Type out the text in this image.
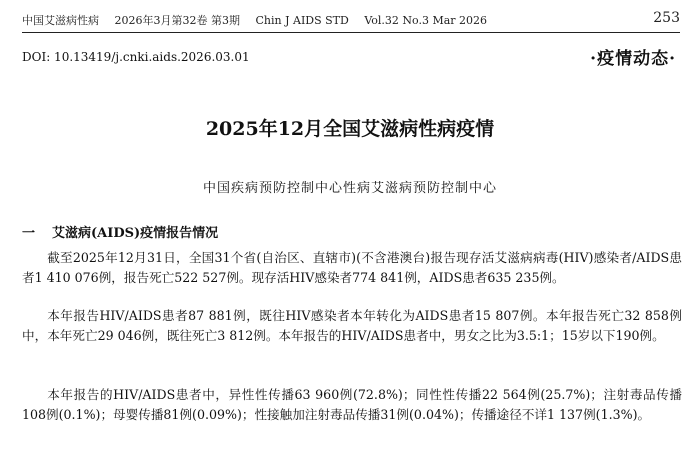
中国艾滋病性病 2026年3月第32卷 第3期 Chin J AIDS STD Vol.32 No.3 Mar 2026	253
DOI: 10.13419/j.cnki.aids.2026.03.01	·疫情动态·
2025年12月全国艾滋病性病疫情
中国疾病预防控制中心性病艾滋病预防控制中心
一 艾滋病(AIDS)疫情报告情况

截至2025年12月31日，全国31个省(自治区、直辖市)(不含港澳台)报告现存活艾滋病病毒(HIV)感染者/AIDS患者1 410 076例，报告死亡522 527例。现存活HIV感染者774 841例，AIDS患者635 235例。

本年报告HIV/AIDS患者87 881例，既往HIV感染者本年转化为AIDS患者15 807例。本年报告死亡32 858例中，本年死亡29 046例，既往死亡3 812例。本年报告的HIV/AIDS患者中，男女之比为3.5:1；15岁以下190例。

本年报告的HIV/AIDS患者中，异性性传播63 960例(72.8%)；同性性传播22 564例(25.7%)；注射毒品传播108例(0.1%)；母婴传播81例(0.09%)；性接触加注射毒品传播31例(0.04%)；传播途径不详1 137例(1.3%)。
